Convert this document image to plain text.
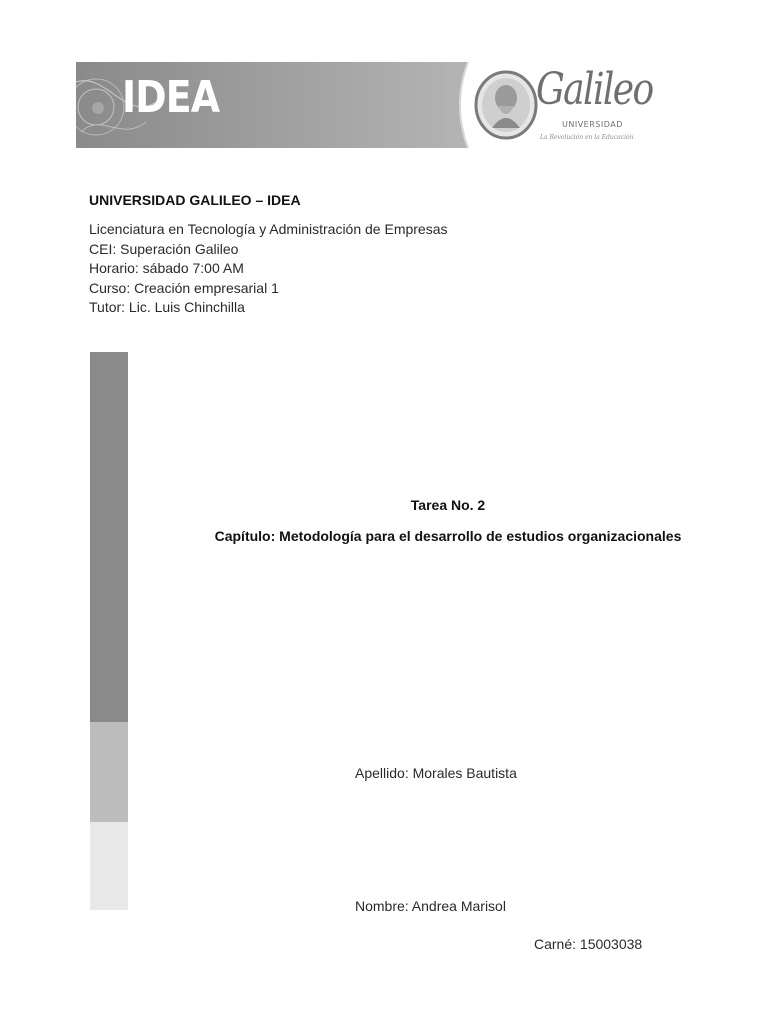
IDEA	Galileo
UNIVERSIDAD
La Revolución en la Educación
UNIVERSIDAD GALILEO – IDEA
Licenciatura en Tecnología y Administración de Empresas
CEI: Superación Galileo
Horario: sábado 7:00 AM
Curso: Creación empresarial 1
Tutor: Lic. Luis Chinchilla
Tarea No. 2
Capítulo: Metodología para el desarrollo de estudios organizacionales
Apellido: Morales Bautista
Nombre: Andrea Marisol
Carné: 15003038
